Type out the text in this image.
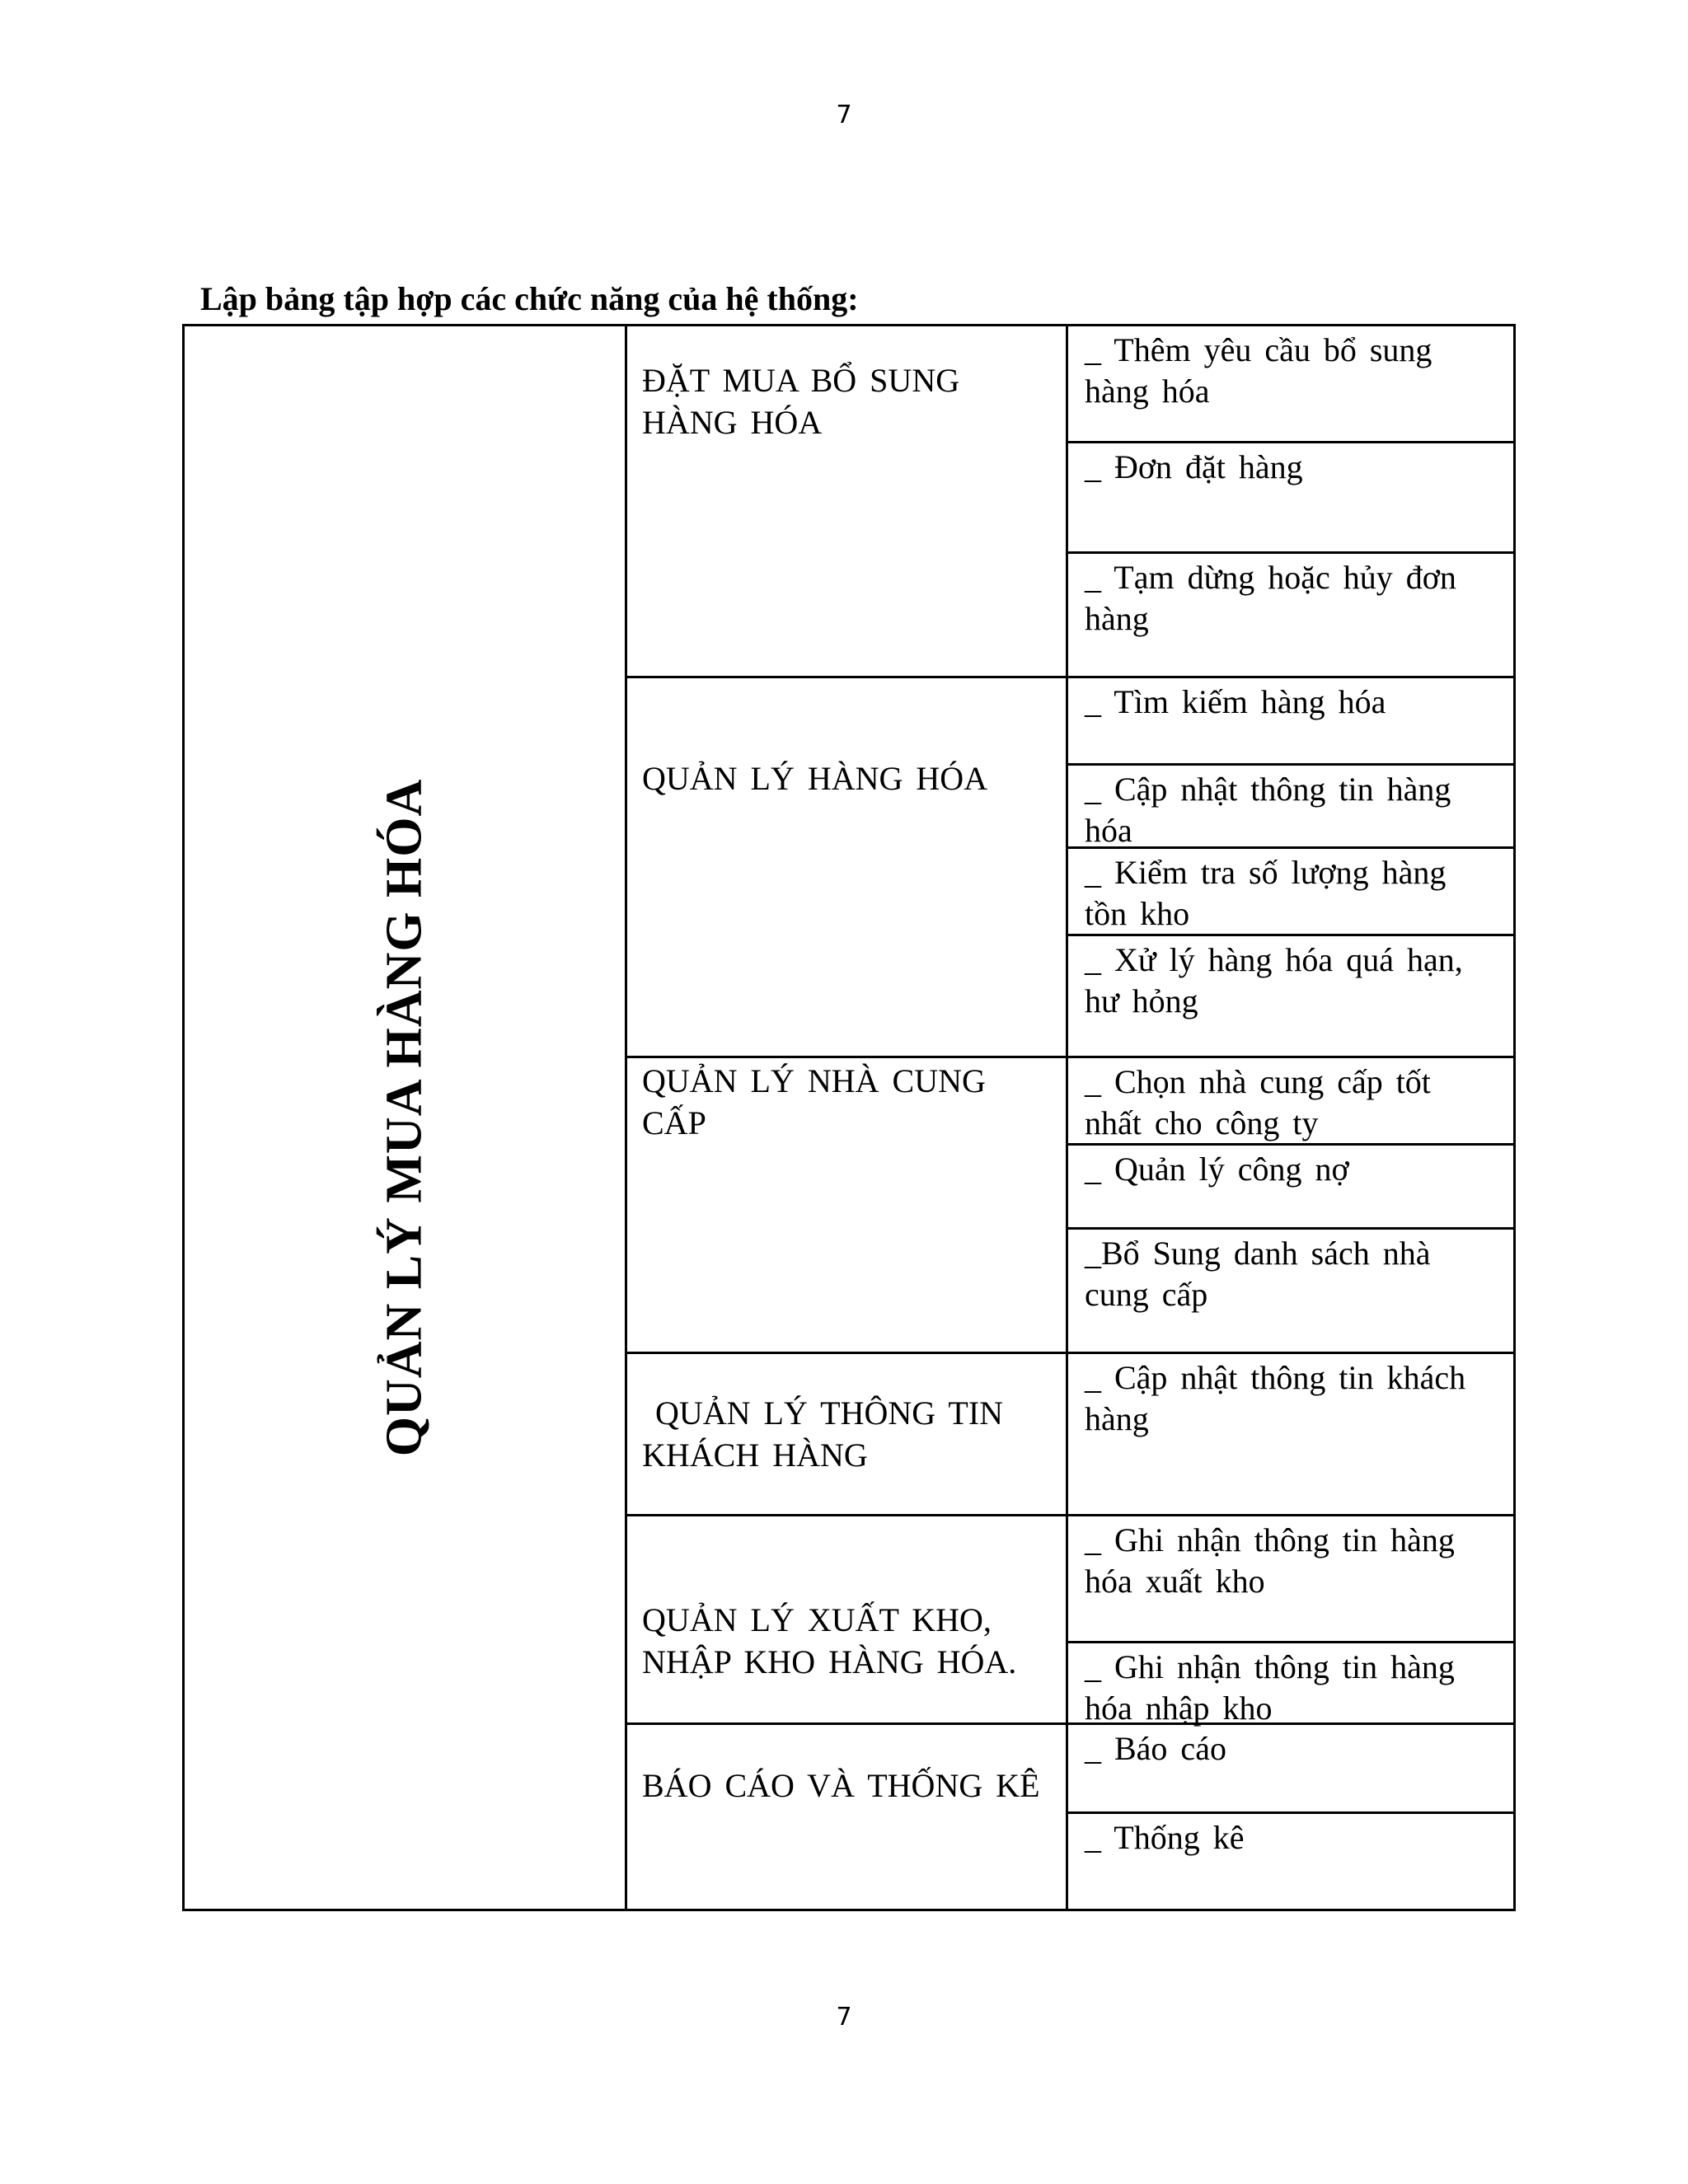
7
Lập bảng tập hợp các chức năng của hệ thống:
QUẢN LÝ MUA HÀNG HÓA
ĐẶT MUA BỔ SUNG HÀNG HÓA
_ Thêm yêu cầu bổ sung hàng hóa
_ Đơn đặt hàng
_ Tạm dừng hoặc hủy đơn hàng
QUẢN LÝ HÀNG HÓA
_ Tìm kiếm hàng hóa
_ Cập nhật thông tin hàng hóa
_ Kiểm tra số lượng hàng tồn kho
_ Xử lý hàng hóa quá hạn, hư hỏng
QUẢN LÝ NHÀ CUNG CẤP
_ Chọn nhà cung cấp tốt nhất cho công ty
_ Quản lý công nợ
_Bổ Sung danh sách nhà cung cấp
QUẢN LÝ THÔNG TIN KHÁCH HÀNG
_ Cập nhật thông tin khách hàng
QUẢN LÝ XUẤT KHO, NHẬP KHO HÀNG HÓA.
_ Ghi nhận thông tin hàng hóa xuất kho
_ Ghi nhận thông tin hàng hóa nhập kho
BÁO CÁO VÀ THỐNG KÊ
_ Báo cáo
_ Thống kê
7
